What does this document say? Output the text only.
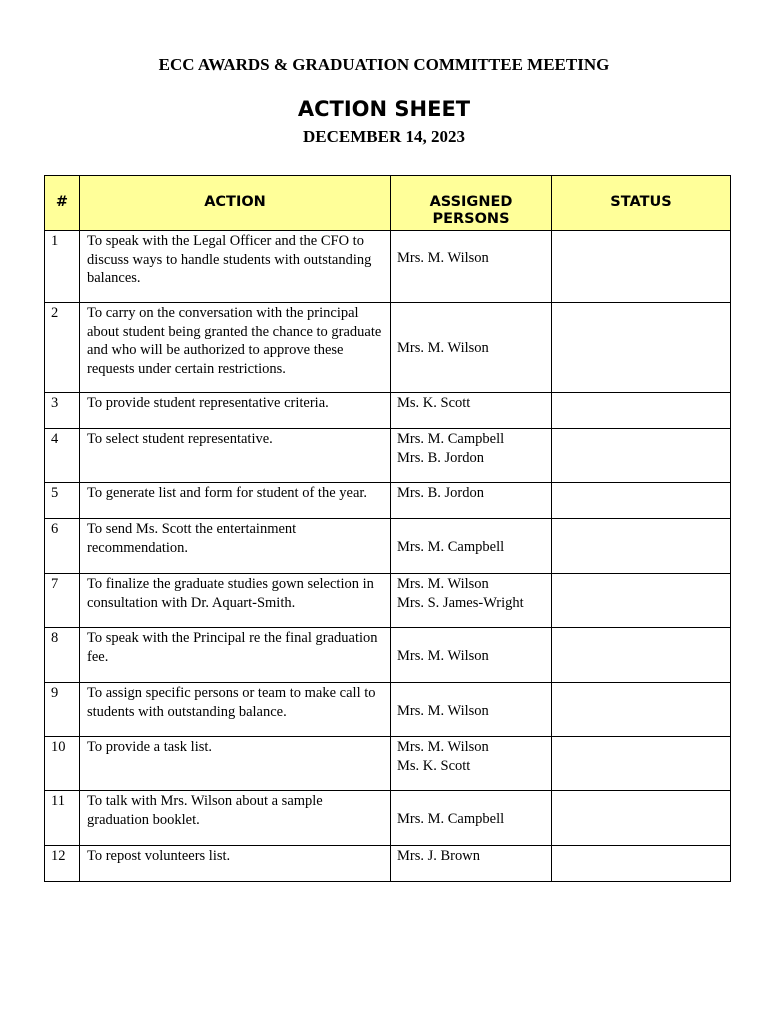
ECC AWARDS & GRADUATION COMMITTEE MEETING
ACTION SHEET
DECEMBER 14, 2023
#	ACTION	ASSIGNED PERSONS	STATUS
1	To speak with the Legal Officer and the CFO to discuss ways to handle students with outstanding balances.	Mrs. M. Wilson	

2	To carry on the conversation with the principal about student being granted the chance to graduate and who will be authorized to approve these requests under certain restrictions.	Mrs. M. Wilson	

3	To provide student representative criteria.	Ms. K. Scott	

4	To select student representative.	Mrs. M. Campbell
Mrs. B. Jordon	

5	To generate list and form for student of the year.	Mrs. B. Jordon	

6	To send Ms. Scott the entertainment recommendation.	Mrs. M. Campbell	

7	To finalize the graduate studies gown selection in consultation with Dr. Aquart-Smith.	Mrs. M. Wilson
Mrs. S. James-Wright	

8	To speak with the Principal re the final graduation fee.	Mrs. M. Wilson	

9	To assign specific persons or team to make call to students with outstanding balance.	Mrs. M. Wilson	

10	To provide a task list.	Mrs. M. Wilson
Ms. K. Scott	

11	To talk with Mrs. Wilson about a sample graduation booklet.	Mrs. M. Campbell	

12	To repost volunteers list.	Mrs. J. Brown	
